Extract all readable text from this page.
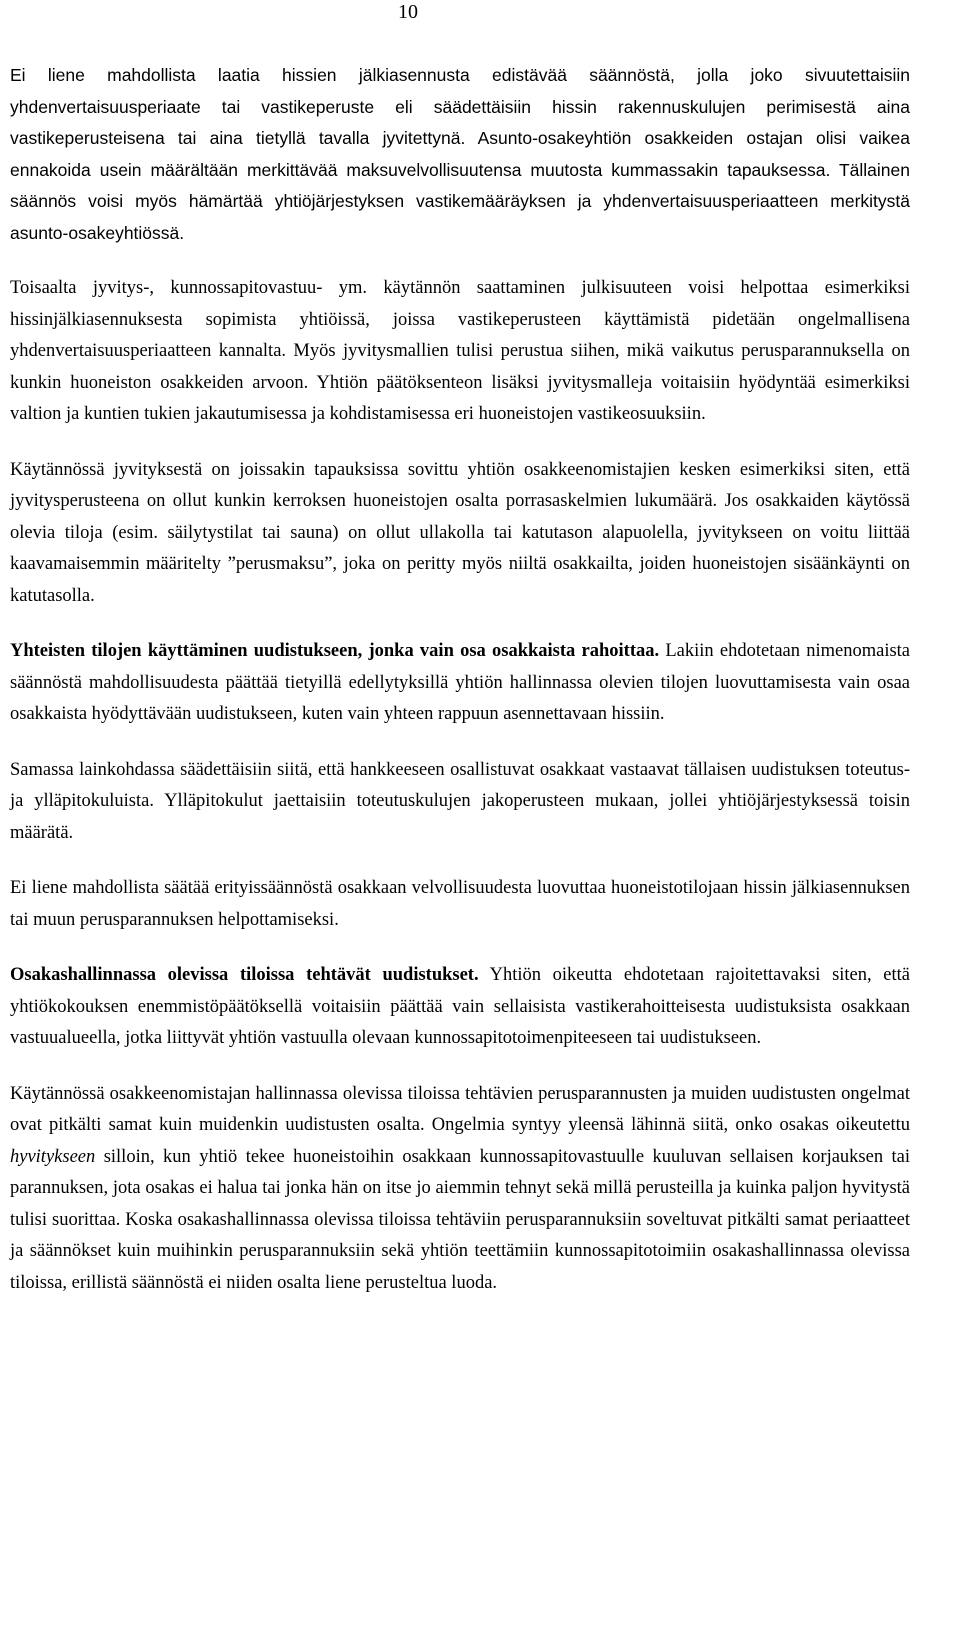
10

Ei liene mahdollista laatia hissien jälkiasennusta edistävää säännöstä, jolla joko sivuutettaisiin yhdenvertaisuusperiaate tai vastikeperuste eli säädettäisiin hissin rakennuskulujen perimisestä aina vastikeperusteisena tai aina tietyllä tavalla jyvitettynä. Asunto-osakeyhtiön osakkeiden ostajan olisi vaikea ennakoida usein määrältään merkittävää maksuvelvollisuutensa muutosta kummassakin tapauksessa. Tällainen säännös voisi myös hämärtää yhtiöjärjestyksen vastikemääräyksen ja yhdenvertaisuusperiaatteen merkitystä asunto-osakeyhtiössä.

Toisaalta jyvitys-, kunnossapitovastuu- ym. käytännön saattaminen julkisuuteen voisi helpottaa esimerkiksi hissinjälkiasennuksesta sopimista yhtiöissä, joissa vastikeperusteen käyttämistä pidetään ongelmallisena yhdenvertaisuusperiaatteen kannalta. Myös jyvitysmallien tulisi perustua siihen, mikä vaikutus perusparannuksella on kunkin huoneiston osakkeiden arvoon. Yhtiön päätöksenteon lisäksi jyvitysmalleja voitaisiin hyödyntää esimerkiksi valtion ja kuntien tukien jakautumisessa ja kohdistamisessa eri huoneistojen vastikeosuuksiin.

Käytännössä jyvityksestä on joissakin tapauksissa sovittu yhtiön osakkeenomistajien kesken esimerkiksi siten, että jyvitysperusteena on ollut kunkin kerroksen huoneistojen osalta porrasaskelmien lukumäärä. Jos osakkaiden käytössä olevia tiloja (esim. säilytystilat tai sauna) on ollut ullakolla tai katutason alapuolella, jyvitykseen on voitu liittää kaavamaisemmin määritelty ”perusmaksu”, joka on peritty myös niiltä osakkailta, joiden huoneistojen sisäänkäynti on katutasolla.

Yhteisten tilojen käyttäminen uudistukseen, jonka vain osa osakkaista rahoittaa. Lakiin ehdotetaan nimenomaista säännöstä mahdollisuudesta päättää tietyillä edellytyksillä yhtiön hallinnassa olevien tilojen luovuttamisesta vain osaa osakkaista hyödyttävään uudistukseen, kuten vain yhteen rappuun asennettavaan hissiin.

Samassa lainkohdassa säädettäisiin siitä, että hankkeeseen osallistuvat osakkaat vastaavat tällaisen uudistuksen toteutus- ja ylläpitokuluista. Ylläpitokulut jaettaisiin toteutuskulujen jakoperusteen mukaan, jollei yhtiöjärjestyksessä toisin määrätä.

Ei liene mahdollista säätää erityissäännöstä osakkaan velvollisuudesta luovuttaa huoneistotilojaan hissin jälkiasennuksen tai muun perusparannuksen helpottamiseksi.

Osakashallinnassa olevissa tiloissa tehtävät uudistukset. Yhtiön oikeutta ehdotetaan rajoitettavaksi siten, että yhtiökokouksen enemmistöpäätöksellä voitaisiin päättää vain sellaisista vastikerahoitteisesta uudistuksista osakkaan vastuualueella, jotka liittyvät yhtiön vastuulla olevaan kunnossapitotoimenpiteeseen tai uudistukseen.

Käytännössä osakkeenomistajan hallinnassa olevissa tiloissa tehtävien perusparannusten ja muiden uudistusten ongelmat ovat pitkälti samat kuin muidenkin uudistusten osalta. Ongelmia syntyy yleensä lähinnä siitä, onko osakas oikeutettu hyvitykseen silloin, kun yhtiö tekee huoneistoihin osakkaan kunnossapitovastuulle kuuluvan sellaisen korjauksen tai parannuksen, jota osakas ei halua tai jonka hän on itse jo aiemmin tehnyt sekä millä perusteilla ja kuinka paljon hyvitystä tulisi suorittaa. Koska osakashallinnassa olevissa tiloissa tehtäviin perusparannuksiin soveltuvat pitkälti samat periaatteet ja säännökset kuin muihinkin perusparannuksiin sekä yhtiön teettämiin kunnossapitotoimiin osakashallinnassa olevissa tiloissa, erillistä säännöstä ei niiden osalta liene perusteltua luoda.
